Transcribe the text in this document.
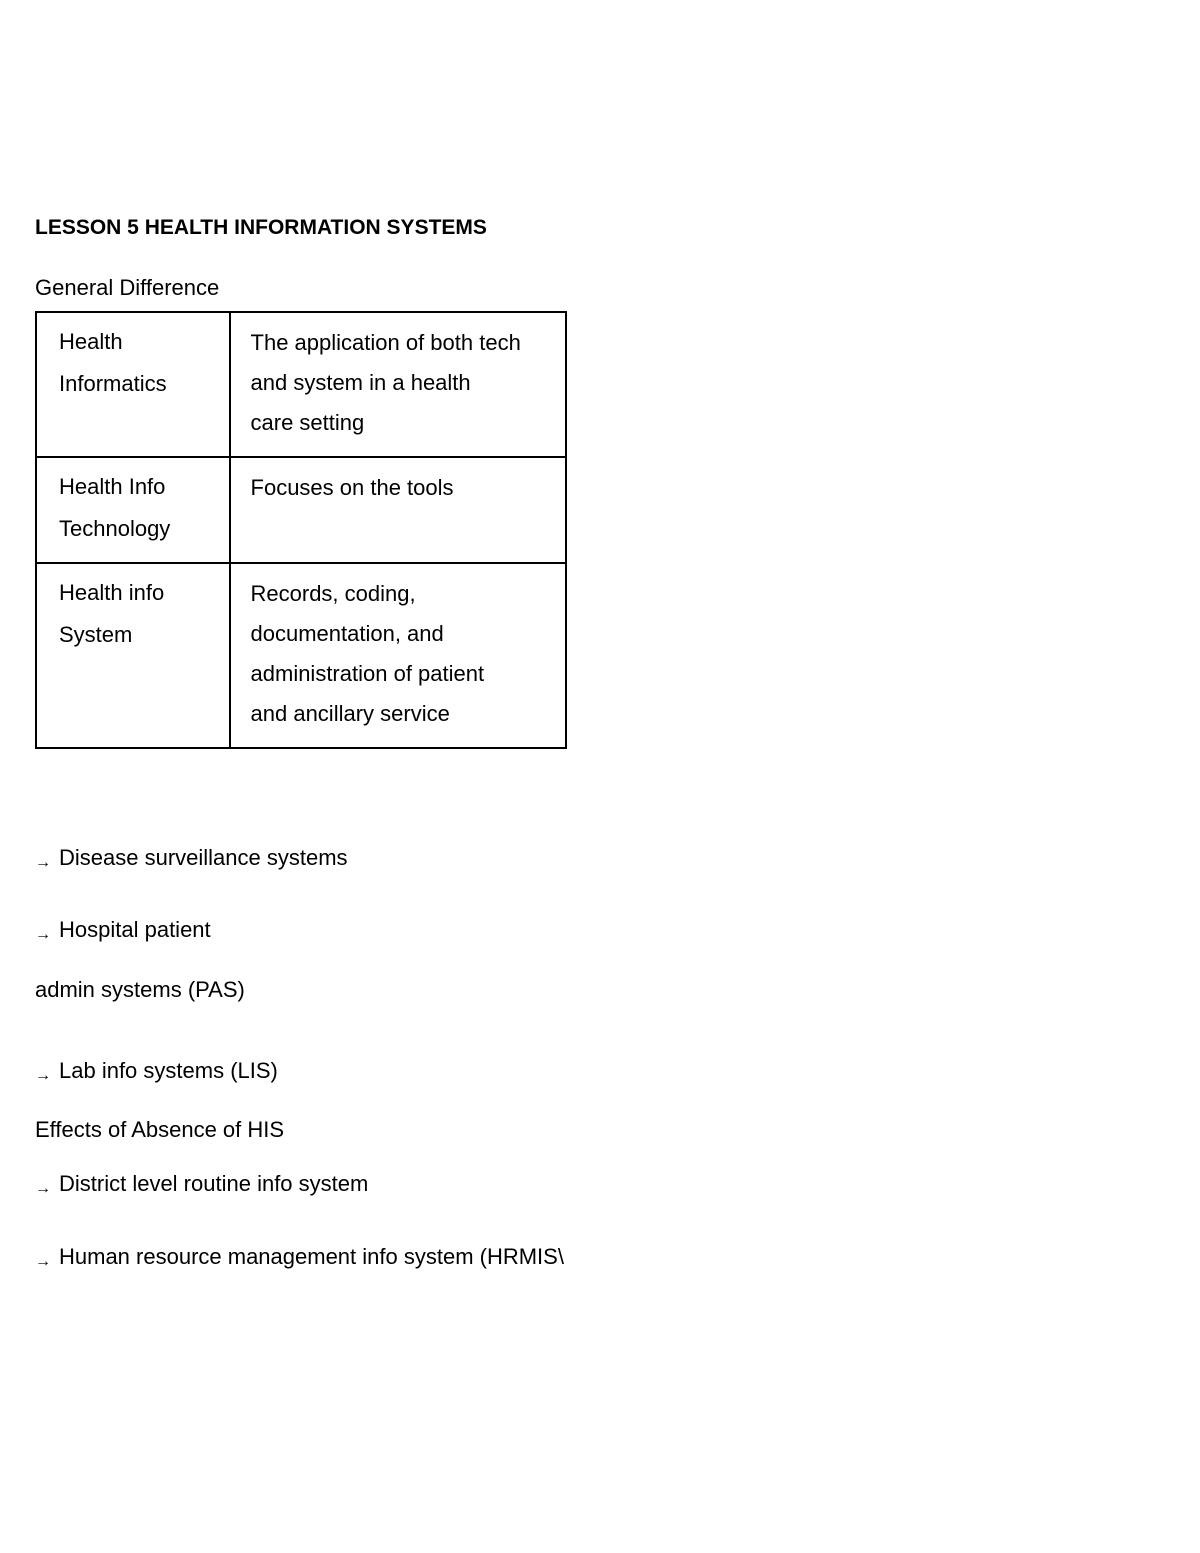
LESSON 5 HEALTH INFORMATION SYSTEMS
General Difference
Health
Informatics	The application of both tech
and system in a health
care setting

Health Info
Technology	Focuses on the tools

Health info
System	Records, coding,
documentation, and
administration of patient
and ancillary service
→ Disease surveillance systems
→ Hospital patient
admin systems (PAS)
→ Lab info systems (LIS)
Effects of Absence of HIS
→ District level routine info system
→ Human resource management info system (HRMIS\
